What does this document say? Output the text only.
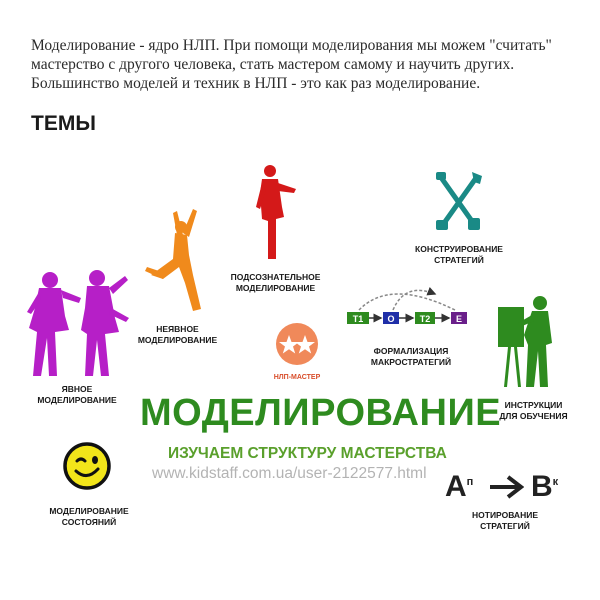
Моделирование - ядро НЛП. При помощи моделирования мы можем "считать" мастерство с другого человека, стать мастером самому и научить других. Большинство моделей и техник в НЛП - это как раз моделирование.
ТЕМЫ
ЯВНОЕ
МОДЕЛИРОВАНИЕ
НЕЯВНОЕ
МОДЕЛИРОВАНИЕ
ПОДСОЗНАТЕЛЬНОЕ
МОДЕЛИРОВАНИЕ
КОНСТРУИРОВАНИЕ
СТРАТЕГИЙ
T1	O	T2	E
ФОРМАЛИЗАЦИЯ
МАКРОСТРАТЕГИЙ
НЛП-МАСТЕР
ИНСТРУКЦИИ
ДЛЯ ОБУЧЕНИЯ
МОДЕЛИРОВАНИЕ
ИЗУЧАЕМ СТРУКТУРУ МАСТЕРСТВА
www.kidstaff.com.ua/user-2122577.html
МОДЕЛИРОВАНИЕ
СОСТОЯНИЙ
$A^п$ $B^к$
НОТИРОВАНИЕ
СТРАТЕГИЙ
